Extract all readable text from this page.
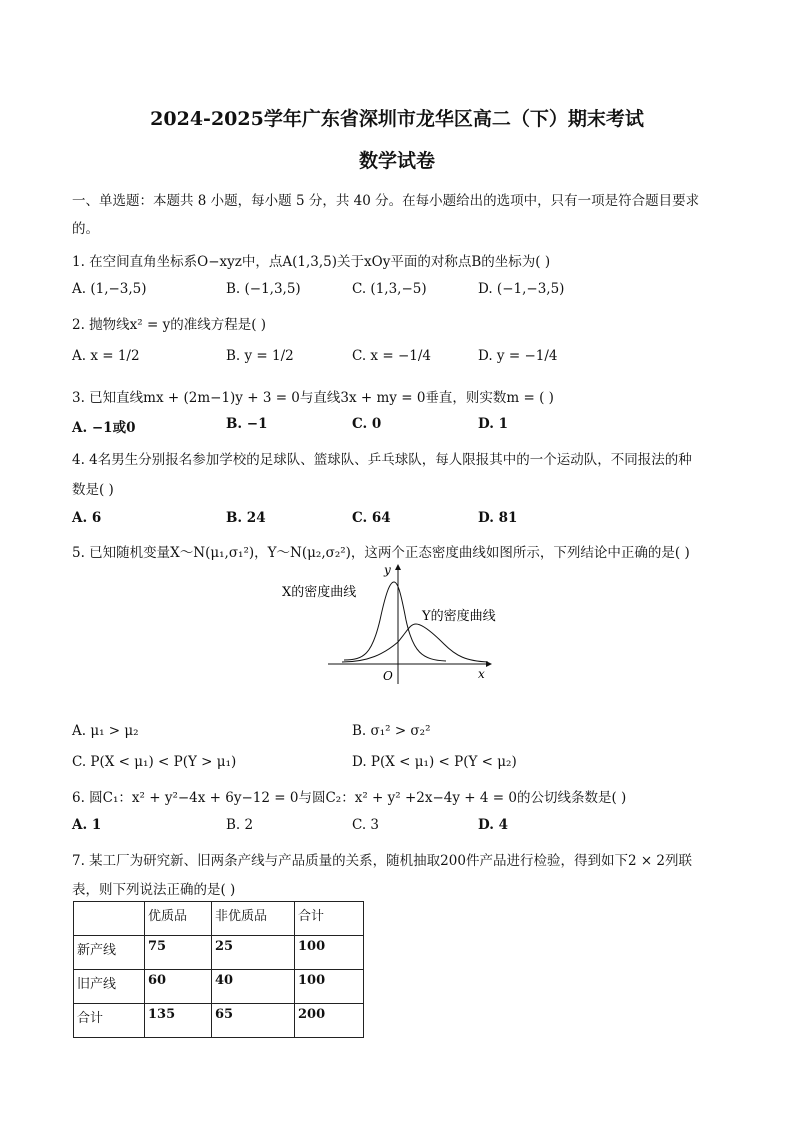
2024-2025学年广东省深圳市龙华区高二（下）期末考试
数学试卷
一、单选题：本题共 8 小题，每小题 5 分，共 40 分。在每小题给出的选项中，只有一项是符合题目要求
的。
1. 在空间直角坐标系O−xyz中，点A(1,3,5)关于xOy平面的对称点B的坐标为( )
A. (1,−3,5)	B. (−1,3,5)	C. (1,3,−5)	D. (−1,−3,5)
2. 抛物线x² = y的准线方程是( )
A. x = 1/2	B. y = 1/2	C. x = −1/4	D. y = −1/4
3. 已知直线mx + (2m−1)y + 3 = 0与直线3x + my = 0垂直，则实数m = ( )
A. −1或0	B. −1	C. 0	D. 1
4. 4名男生分别报名参加学校的足球队、篮球队、乒乓球队，每人限报其中的一个运动队，不同报法的种
数是( )
A. 6	B. 24	C. 64	D. 81
5. 已知随机变量X～N(μ₁,σ₁²)，Y～N(μ₂,σ₂²)，这两个正态密度曲线如图所示，下列结论中正确的是( )
y
x
O
X的密度曲线
Y的密度曲线
A. μ₁ > μ₂	B. σ₁² > σ₂²
C. P(X < μ₁) < P(Y > μ₁)	D. P(X < μ₁) < P(Y < μ₂)
6. 圆C₁：x² + y²−4x + 6y−12 = 0与圆C₂：x² + y² +2x−4y + 4 = 0的公切线条数是( )
A. 1	B. 2	C. 3	D. 4
7. 某工厂为研究新、旧两条产线与产品质量的关系，随机抽取200件产品进行检验，得到如下2 × 2列联
表，则下列说法正确的是( )
	优质品	非优质品	合计
新产线	75	25	100
旧产线	60	40	100
合计	135	65	200
